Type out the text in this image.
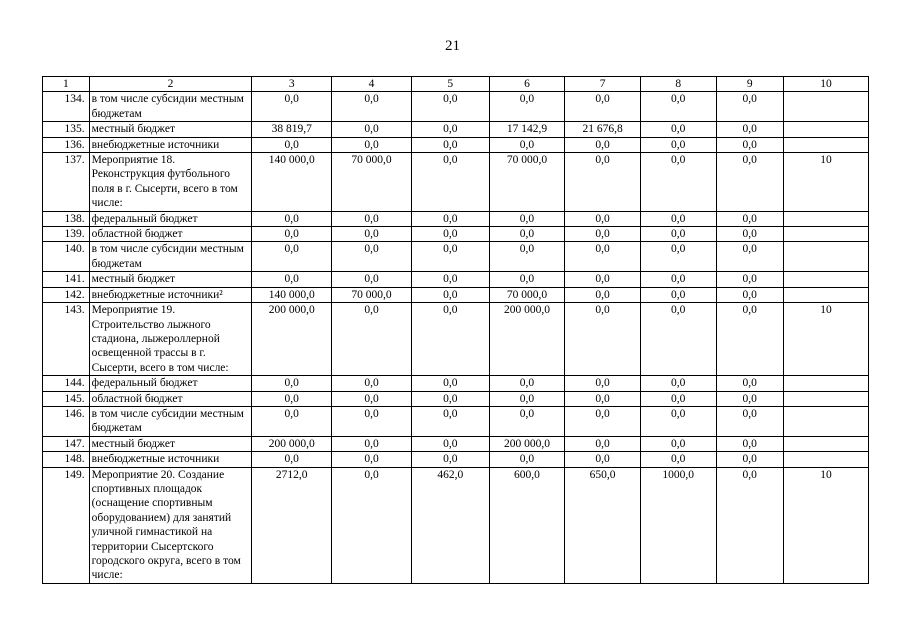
21
1	2	3	4	5	6	7	8	9	10
134.	в том числе субсидии местным бюджетам	0,0	0,0	0,0	0,0	0,0	0,0	0,0	
135.	местный бюджет	38 819,7	0,0	0,0	17 142,9	21 676,8	0,0	0,0	
136.	внебюджетные источники	0,0	0,0	0,0	0,0	0,0	0,0	0,0	
137.	Мероприятие 18. Реконструкция футбольного поля в г. Сысерти, всего в том числе:	140 000,0	70 000,0	0,0	70 000,0	0,0	0,0	0,0	10
138.	федеральный бюджет	0,0	0,0	0,0	0,0	0,0	0,0	0,0	
139.	областной бюджет	0,0	0,0	0,0	0,0	0,0	0,0	0,0	
140.	в том числе субсидии местным бюджетам	0,0	0,0	0,0	0,0	0,0	0,0	0,0	
141.	местный бюджет	0,0	0,0	0,0	0,0	0,0	0,0	0,0	
142.	внебюджетные источники²	140 000,0	70 000,0	0,0	70 000,0	0,0	0,0	0,0	
143.	Мероприятие 19. Строительство лыжного стадиона, лыжероллерной освещенной трассы в г. Сысерти, всего в том числе:	200 000,0	0,0	0,0	200 000,0	0,0	0,0	0,0	10
144.	федеральный бюджет	0,0	0,0	0,0	0,0	0,0	0,0	0,0	
145.	областной бюджет	0,0	0,0	0,0	0,0	0,0	0,0	0,0	
146.	в том числе субсидии местным бюджетам	0,0	0,0	0,0	0,0	0,0	0,0	0,0	
147.	местный бюджет	200 000,0	0,0	0,0	200 000,0	0,0	0,0	0,0	
148.	внебюджетные источники	0,0	0,0	0,0	0,0	0,0	0,0	0,0	
149.	Мероприятие 20. Создание спортивных площадок (оснащение спортивным оборудованием) для занятий уличной гимнастикой на территории Сысертского городского округа, всего в том числе:	2712,0	0,0	462,0	600,0	650,0	1000,0	0,0	10
